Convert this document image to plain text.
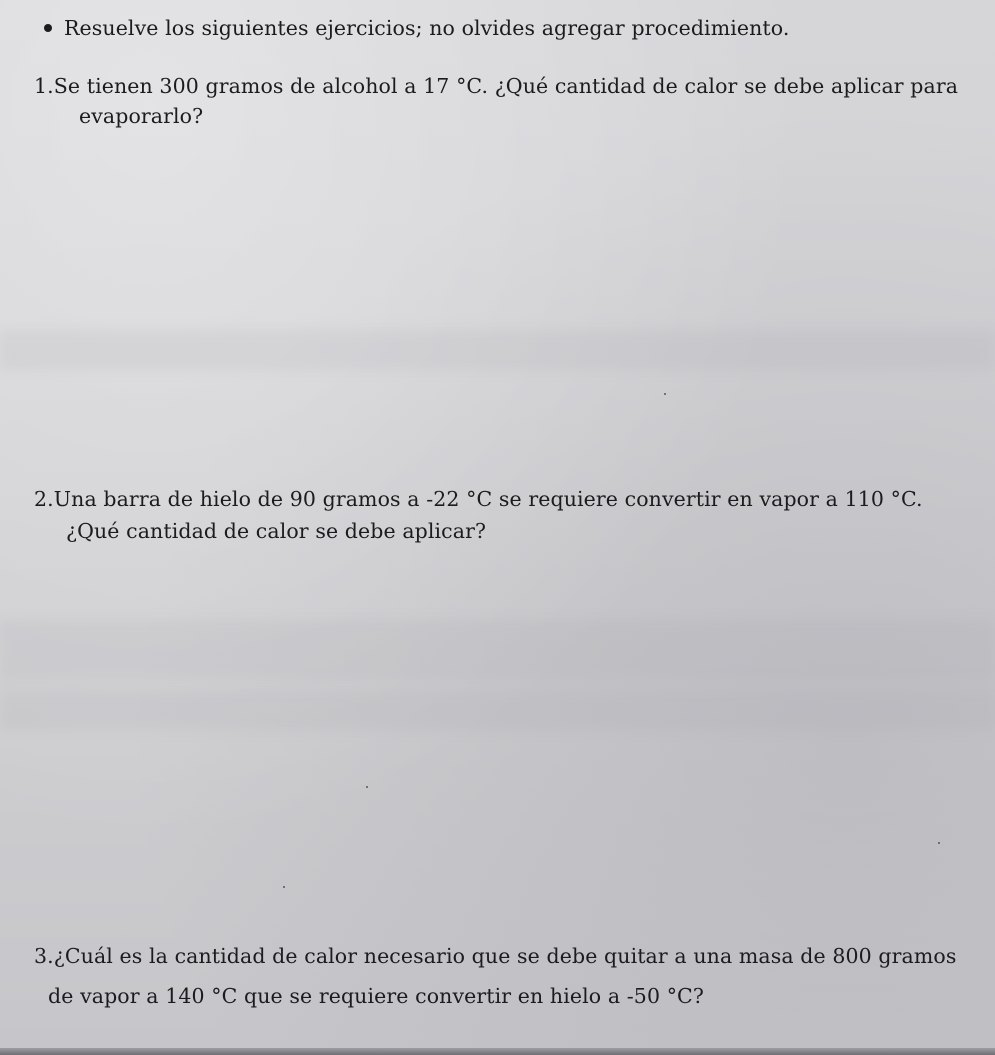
Resuelve los siguientes ejercicios; no olvides agregar procedimiento.
1.Se tienen 300 gramos de alcohol a 17 °C. ¿Qué cantidad de calor se debe aplicar para
evaporarlo?
2.Una barra de hielo de 90 gramos a -22 °C se requiere convertir en vapor a 110 °C.
¿Qué cantidad de calor se debe aplicar?
3.¿Cuál es la cantidad de calor necesario que se debe quitar a una masa de 800 gramos
de vapor a 140 °C que se requiere convertir en hielo a -50 °C?
